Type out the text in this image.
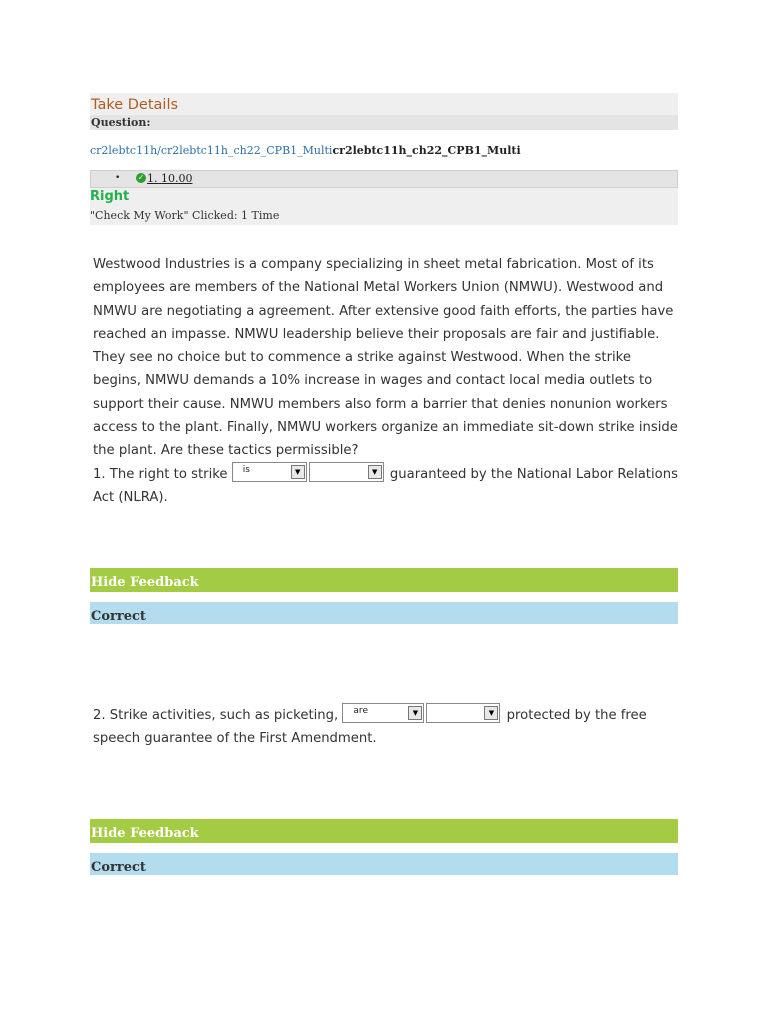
Take Details
Question:
cr2lebtc11h/cr2lebtc11h_ch22_CPB1_Multicr2lebtc11h_ch22_CPB1_Multi
• ✓ 1. 10.00
Right
"Check My Work" Clicked: 1 Time
Westwood Industries is a company specializing in sheet metal fabrication. Most of its employees are members of the National Metal Workers Union (NMWU). Westwood and NMWU are negotiating a agreement. After extensive good faith efforts, the parties have reached an impasse. NMWU leadership believe their proposals are fair and justifiable. They see no choice but to commence a strike against Westwood. When the strike begins, NMWU demands a 10% increase in wages and contact local media outlets to support their cause. NMWU members also form a barrier that denies nonunion workers access to the plant. Finally, NMWU workers organize an immediate sit-down strike inside the plant. Are these tactics permissible?
1. The right to strike is	▼	▼ guaranteed by the National Labor Relations Act (NLRA).
Hide Feedback
Correct
2. Strike activities, such as picketing, are	▼	▼ protected by the free speech guarantee of the First Amendment.
Hide Feedback
Correct
